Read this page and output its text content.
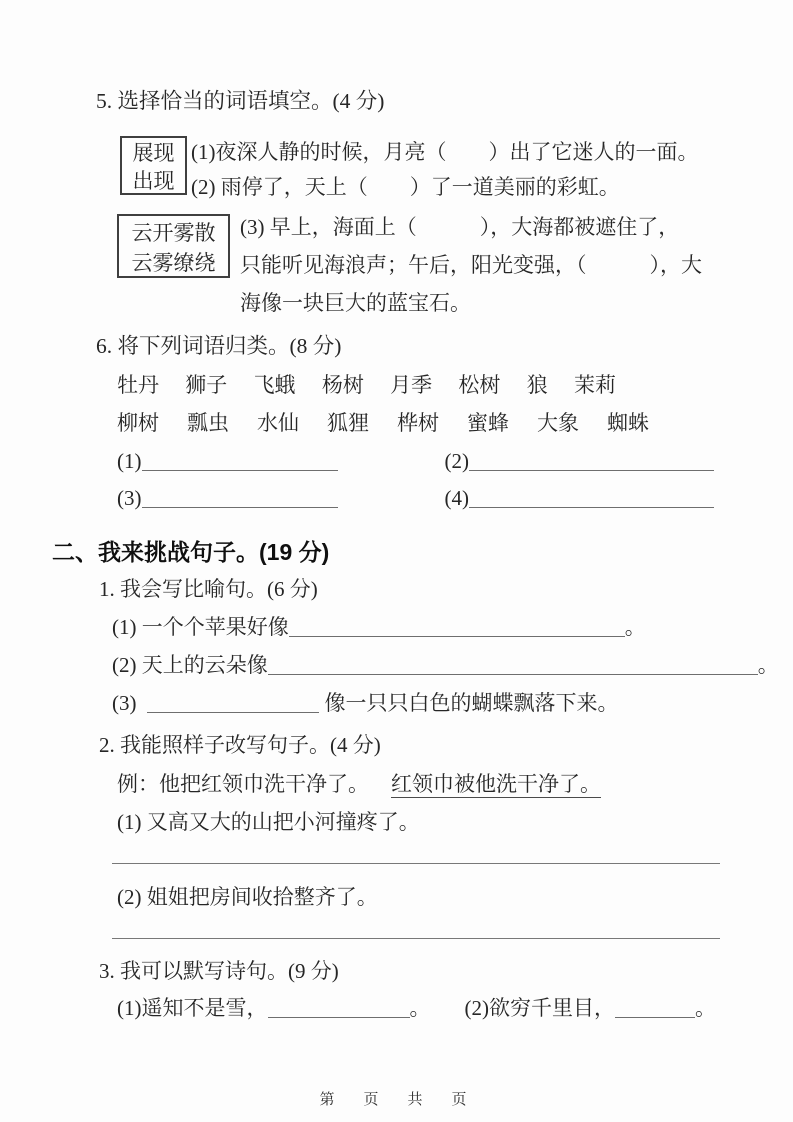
5. 选择恰当的词语填空。(4 分)
展现
出现
(1)夜深人静的时候，月亮（　　）出了它迷人的一面。
(2) 雨停了，天上（　　）了一道美丽的彩虹。
云开雾散
云雾缭绕
(3) 早上，海面上（　　　），大海都被遮住了，
只能听见海浪声；午后，阳光变强，（　　　），大
海像一块巨大的蓝宝石。
6. 将下列词语归类。(8 分)
牡丹 狮子 飞蛾 杨树 月季 松树 狼 茉莉
柳树 瓢虫 水仙 狐狸 桦树 蜜蜂 大象 蜘蛛
(1)	(2)
(3)	(4)
二、我来挑战句子。(19 分)
1. 我会写比喻句。(6 分)
(1) 一个个苹果好像	。
(2) 天上的云朵像	。
(3)	像一只只白色的蝴蝶飘落下来。
2. 我能照样子改写句子。(4 分)
例：他把红领巾洗干净了。 红领巾被他洗干净了。
(1) 又高又大的山把小河撞疼了。
(2) 姐姐把房间收拾整齐了。
3. 我可以默写诗句。(9 分)
(1)遥知不是雪，	。 (2)欲穷千里目，	。
第　页　共　页
